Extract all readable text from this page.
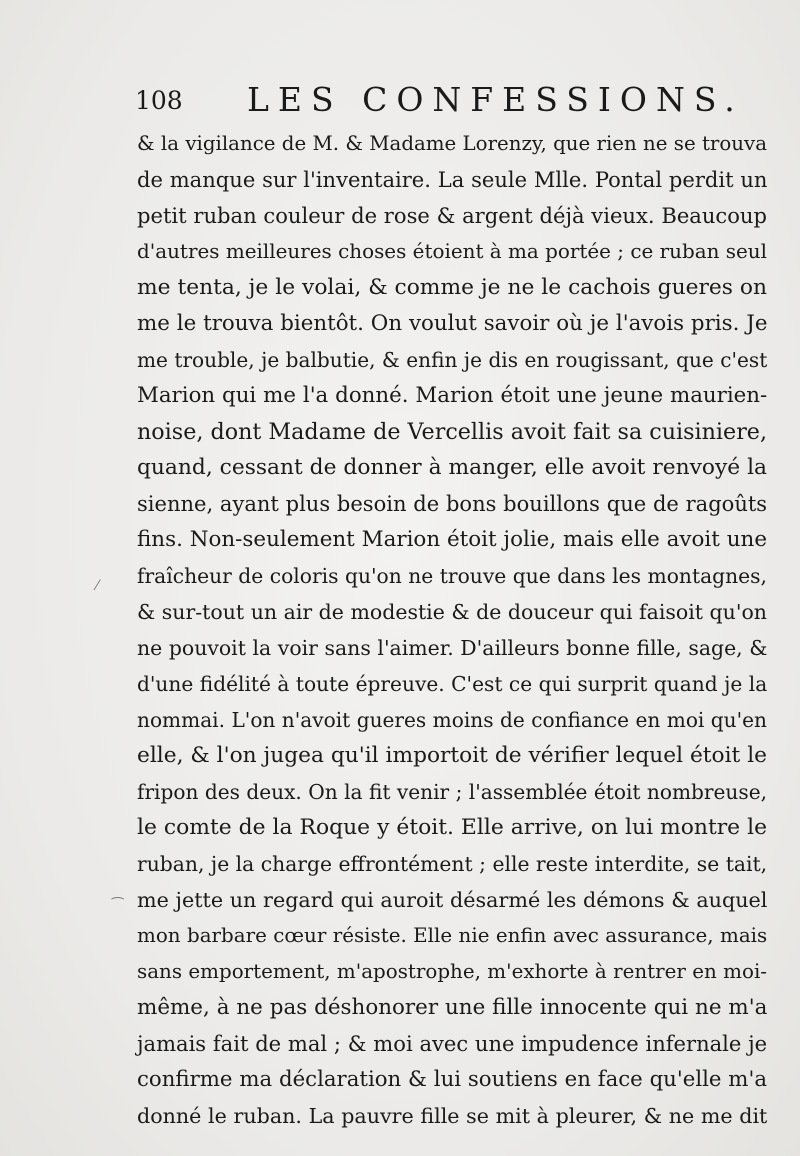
108 LES CONFESSIONS.
& la vigilance de M. & Madame Lorenzy, que rien ne se trouva
de manque sur l'inventaire. La seule Mlle. Pontal perdit un
petit ruban couleur de rose & argent déjà vieux. Beaucoup
d'autres meilleures choses étoient à ma portée ; ce ruban seul
me tenta, je le volai, & comme je ne le cachois gueres on
me le trouva bientôt. On voulut savoir où je l'avois pris. Je
me trouble, je balbutie, & enfin je dis en rougissant, que c'est
Marion qui me l'a donné. Marion étoit une jeune maurien-
noise, dont Madame de Vercellis avoit fait sa cuisiniere,
quand, cessant de donner à manger, elle avoit renvoyé la
sienne, ayant plus besoin de bons bouillons que de ragoûts
fins. Non-seulement Marion étoit jolie, mais elle avoit une
fraîcheur de coloris qu'on ne trouve que dans les montagnes,
& sur-tout un air de modestie & de douceur qui faisoit qu'on
ne pouvoit la voir sans l'aimer. D'ailleurs bonne fille, sage, &
d'une fidélité à toute épreuve. C'est ce qui surprit quand je la
nommai. L'on n'avoit gueres moins de confiance en moi qu'en
elle, & l'on jugea qu'il importoit de vérifier lequel étoit le
fripon des deux. On la fit venir ; l'assemblée étoit nombreuse,
le comte de la Roque y étoit. Elle arrive, on lui montre le
ruban, je la charge effrontément ; elle reste interdite, se tait,
me jette un regard qui auroit désarmé les démons & auquel
mon barbare cœur résiste. Elle nie enfin avec assurance, mais
sans emportement, m'apostrophe, m'exhorte à rentrer en moi-
même, à ne pas déshonorer une fille innocente qui ne m'a
jamais fait de mal ; & moi avec une impudence infernale je
confirme ma déclaration & lui soutiens en face qu'elle m'a
donné le ruban. La pauvre fille se mit à pleurer, & ne me dit
⁄
⁀
